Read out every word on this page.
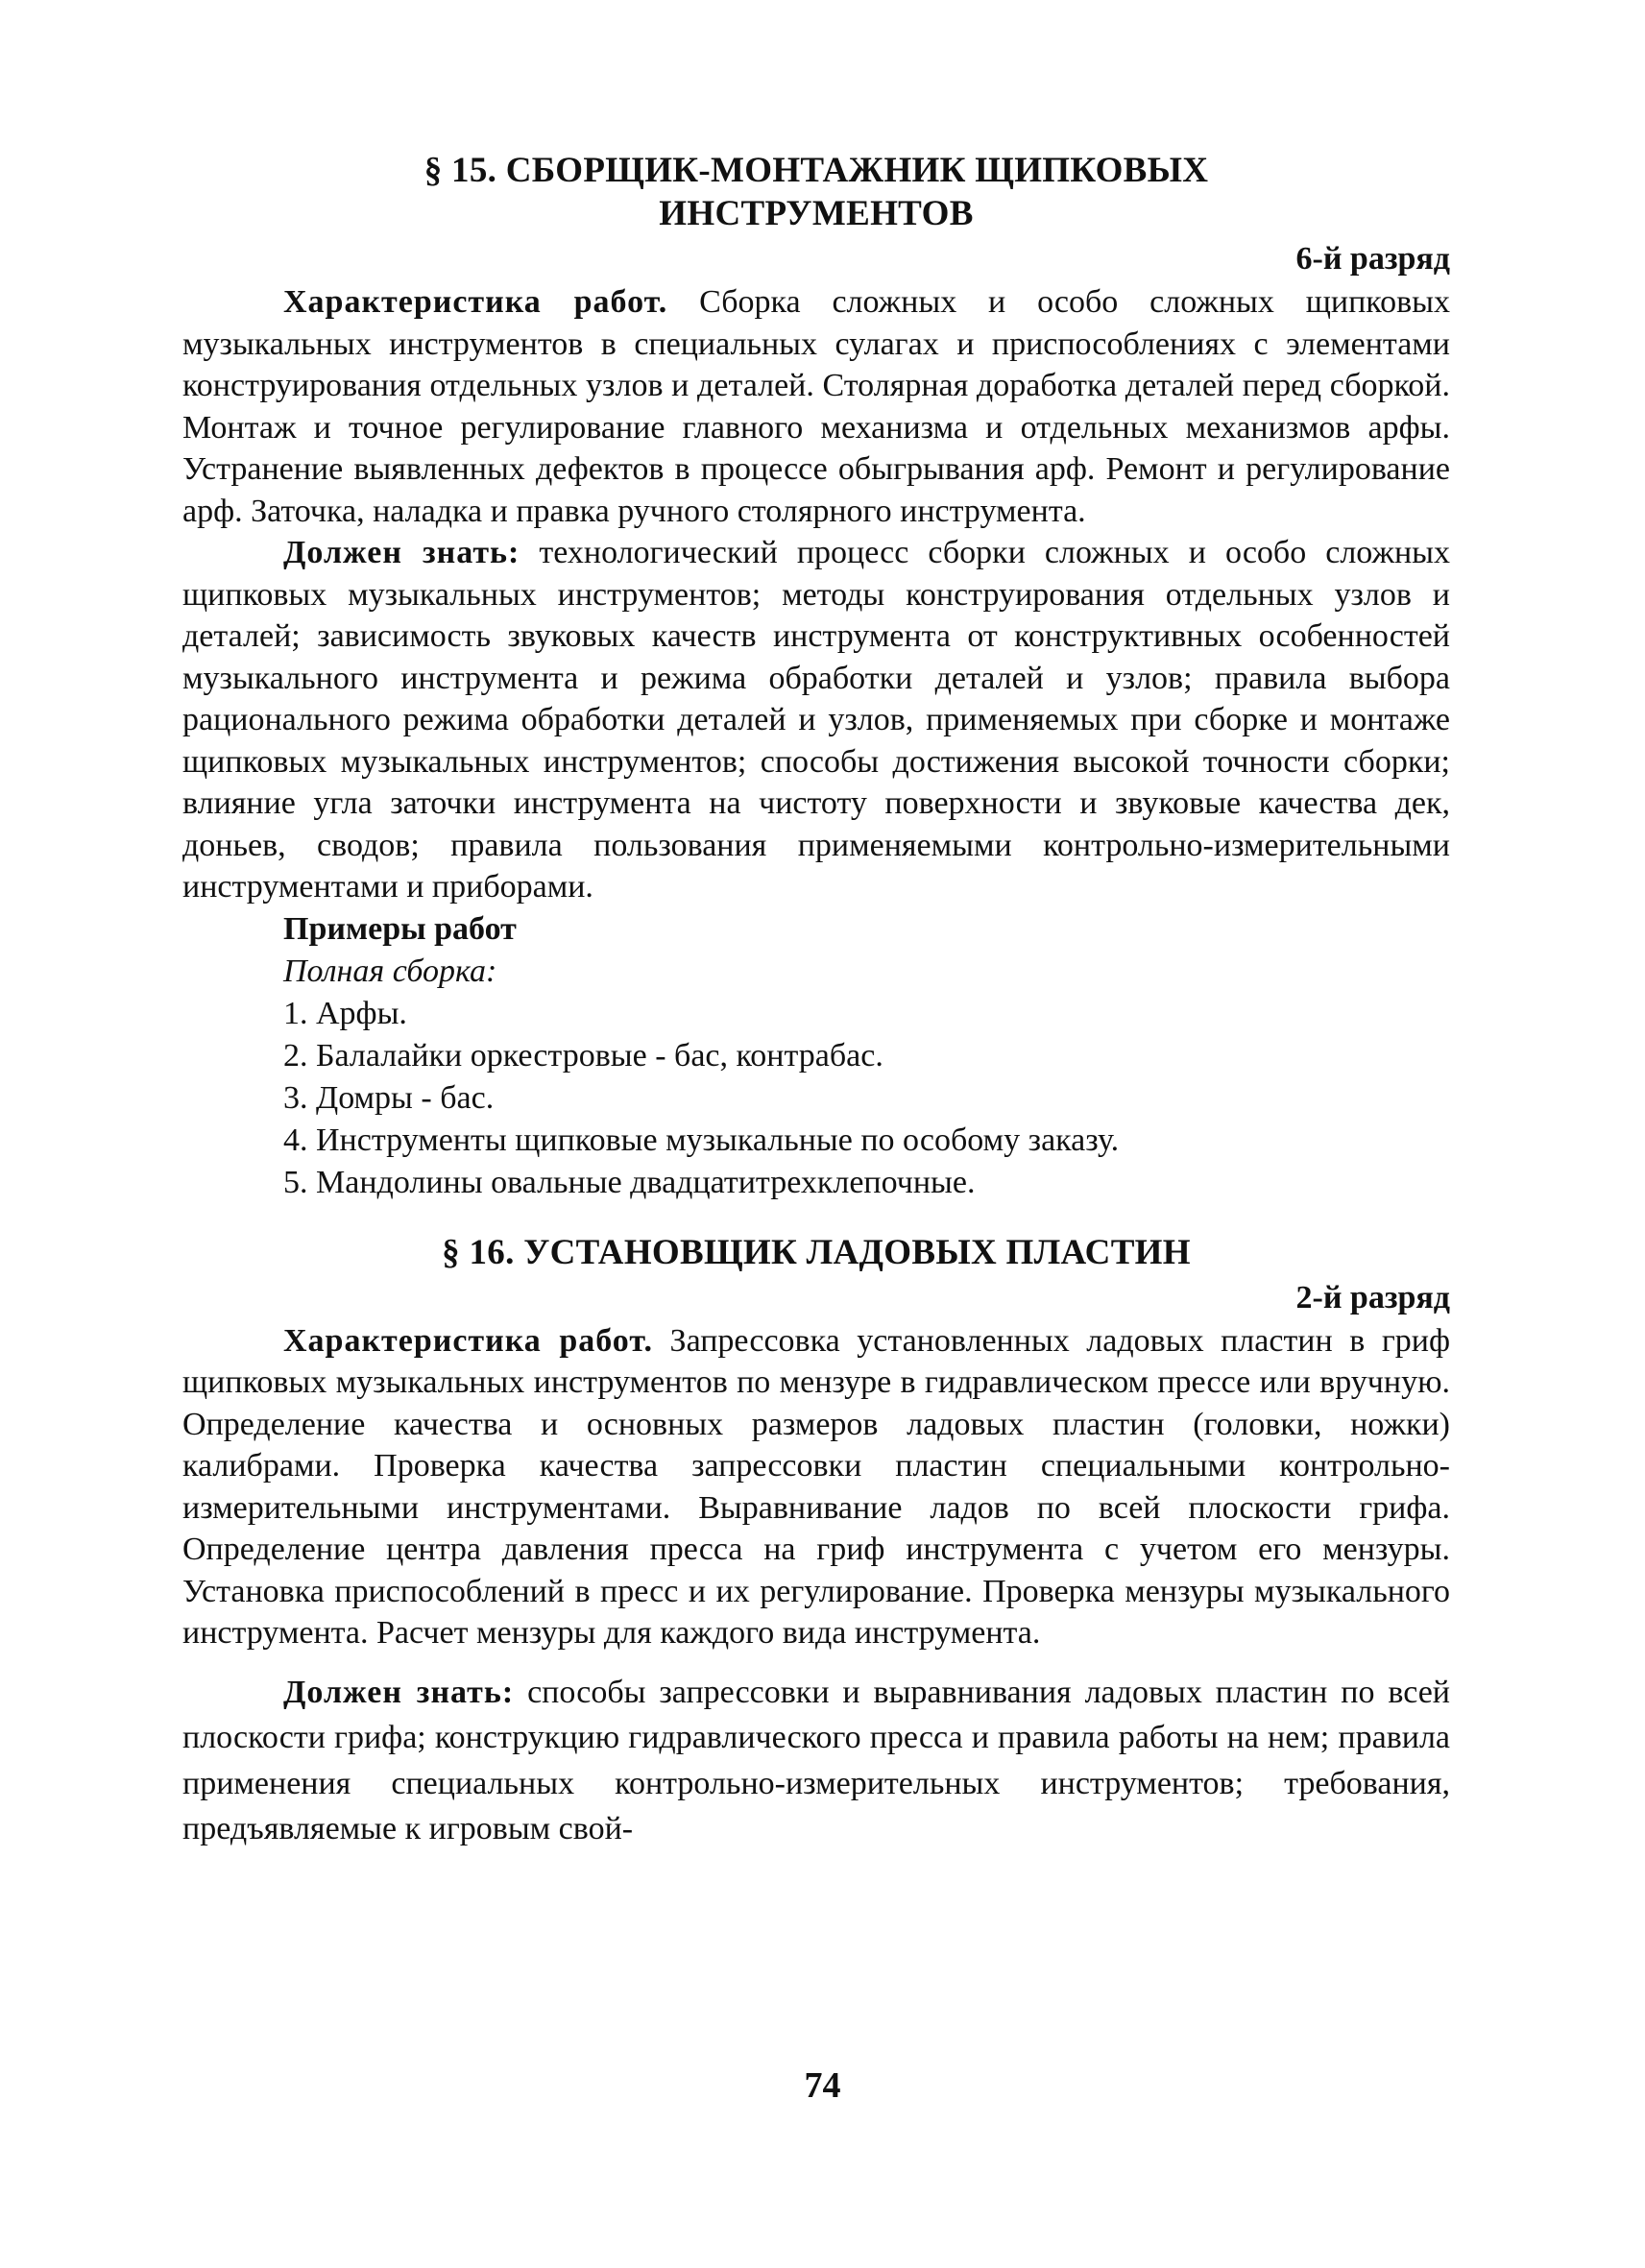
§ 15. СБОРЩИК-МОНТАЖНИК ЩИПКОВЫХ
ИНСТРУМЕНТОВ
6-й разряд

Характеристика работ. Сборка сложных и особо сложных щипковых музыкальных инструментов в специальных сулагах и приспособлениях с элементами конструирования отдельных узлов и деталей. Столярная доработка деталей перед сборкой. Монтаж и точное регулирование главного механизма и отдельных механизмов арфы. Устранение выявленных дефектов в процессе обыгрывания арф. Ремонт и регулирование арф. Заточка, наладка и правка ручного столярного инструмента.

Должен знать: технологический процесс сборки сложных и особо сложных щипковых музыкальных инструментов; методы конструирования отдельных узлов и деталей; зависимость звуковых качеств инструмента от конструктивных особенностей музыкального инструмента и режима обработки деталей и узлов; правила выбора рационального режима обработки деталей и узлов, применяемых при сборке и монтаже щипковых музыкальных инструментов; способы достижения высокой точности сборки; влияние угла заточки инструмента на чистоту поверхности и звуковые качества дек, доньев, сводов; правила пользования применяемыми контрольно-измерительными инструментами и приборами.

Примеры работ

Полная сборка:

1. Арфы.

2. Балалайки оркестровые - бас, контрабас.

3. Домры - бас.

4. Инструменты щипковые музыкальные по особому заказу.

5. Мандолины овальные двадцатитрехклепочные.

§ 16. УСТАНОВЩИК ЛАДОВЫХ ПЛАСТИН
2-й разряд

Характеристика работ. Запрессовка установленных ладовых пластин в гриф щипковых музыкальных инструментов по мензуре в гидравлическом прессе или вручную. Определение качества и основных размеров ладовых пластин (головки, ножки) калибрами. Проверка качества запрессовки пластин специальными контрольно-измерительными инструментами. Выравнивание ладов по всей плоскости грифа. Определение центра давления пресса на гриф инструмента с учетом его мензуры. Установка приспособлений в пресс и их регулирование. Проверка мензуры музыкального инструмента. Расчет мензуры для каждого вида инструмента.

Должен знать: способы запрессовки и выравнивания ладовых пластин по всей плоскости грифа; конструкцию гидравлического пресса и правила работы на нем; правила применения специальных контрольно-измерительных инструментов; требования, предъявляемые к игровым свой-

74
